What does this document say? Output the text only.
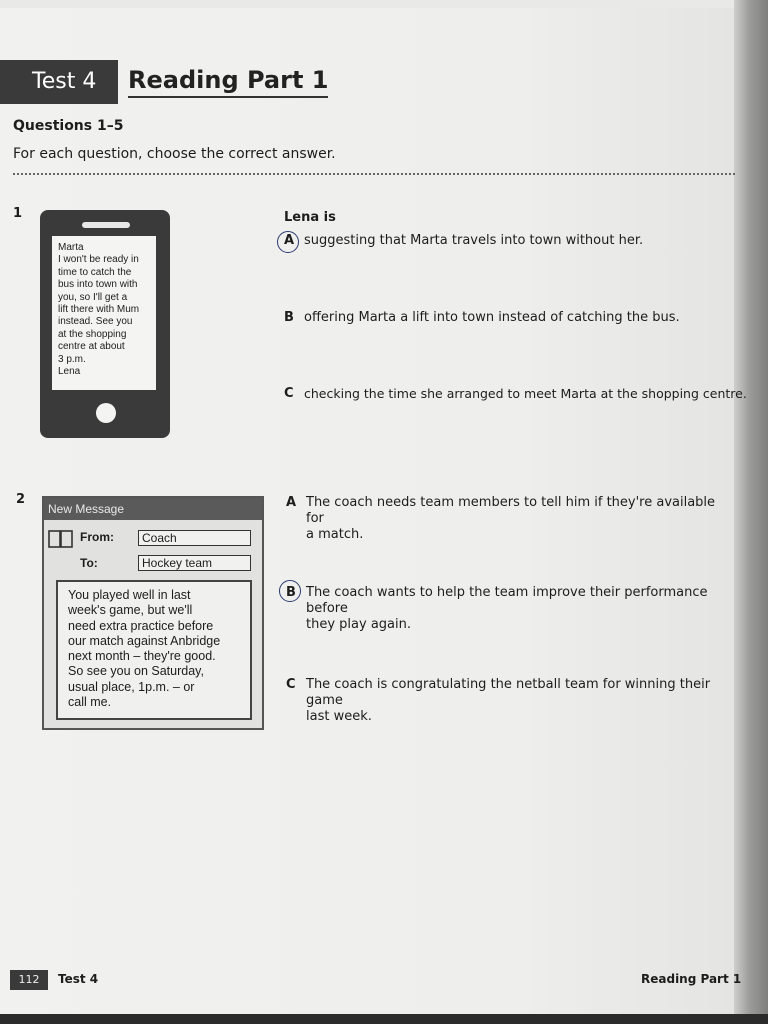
Test 4	Reading Part 1
Questions 1–5
For each question, choose the correct answer.
1
Marta
I won't be ready in
time to catch the
bus into town with
you, so I'll get a
lift there with Mum
instead. See you
at the shopping
centre at about
3 p.m.
Lena
Lena is
A suggesting that Marta travels into town without her.
B offering Marta a lift into town instead of catching the bus.
C checking the time she arranged to meet Marta at the shopping centre.
2
New Message
From:	Coach
To:	Hockey team
You played well in last
week's game, but we'll
need extra practice before
our match against Anbridge
next month – they're good.
So see you on Saturday,
usual place, 1p.m. – or
call me.
A The coach needs team members to tell him if they're available for
a match.
B The coach wants to help the team improve their performance before
they play again.
C The coach is congratulating the netball team for winning their game
last week.
112	Test 4	Reading Part 1
